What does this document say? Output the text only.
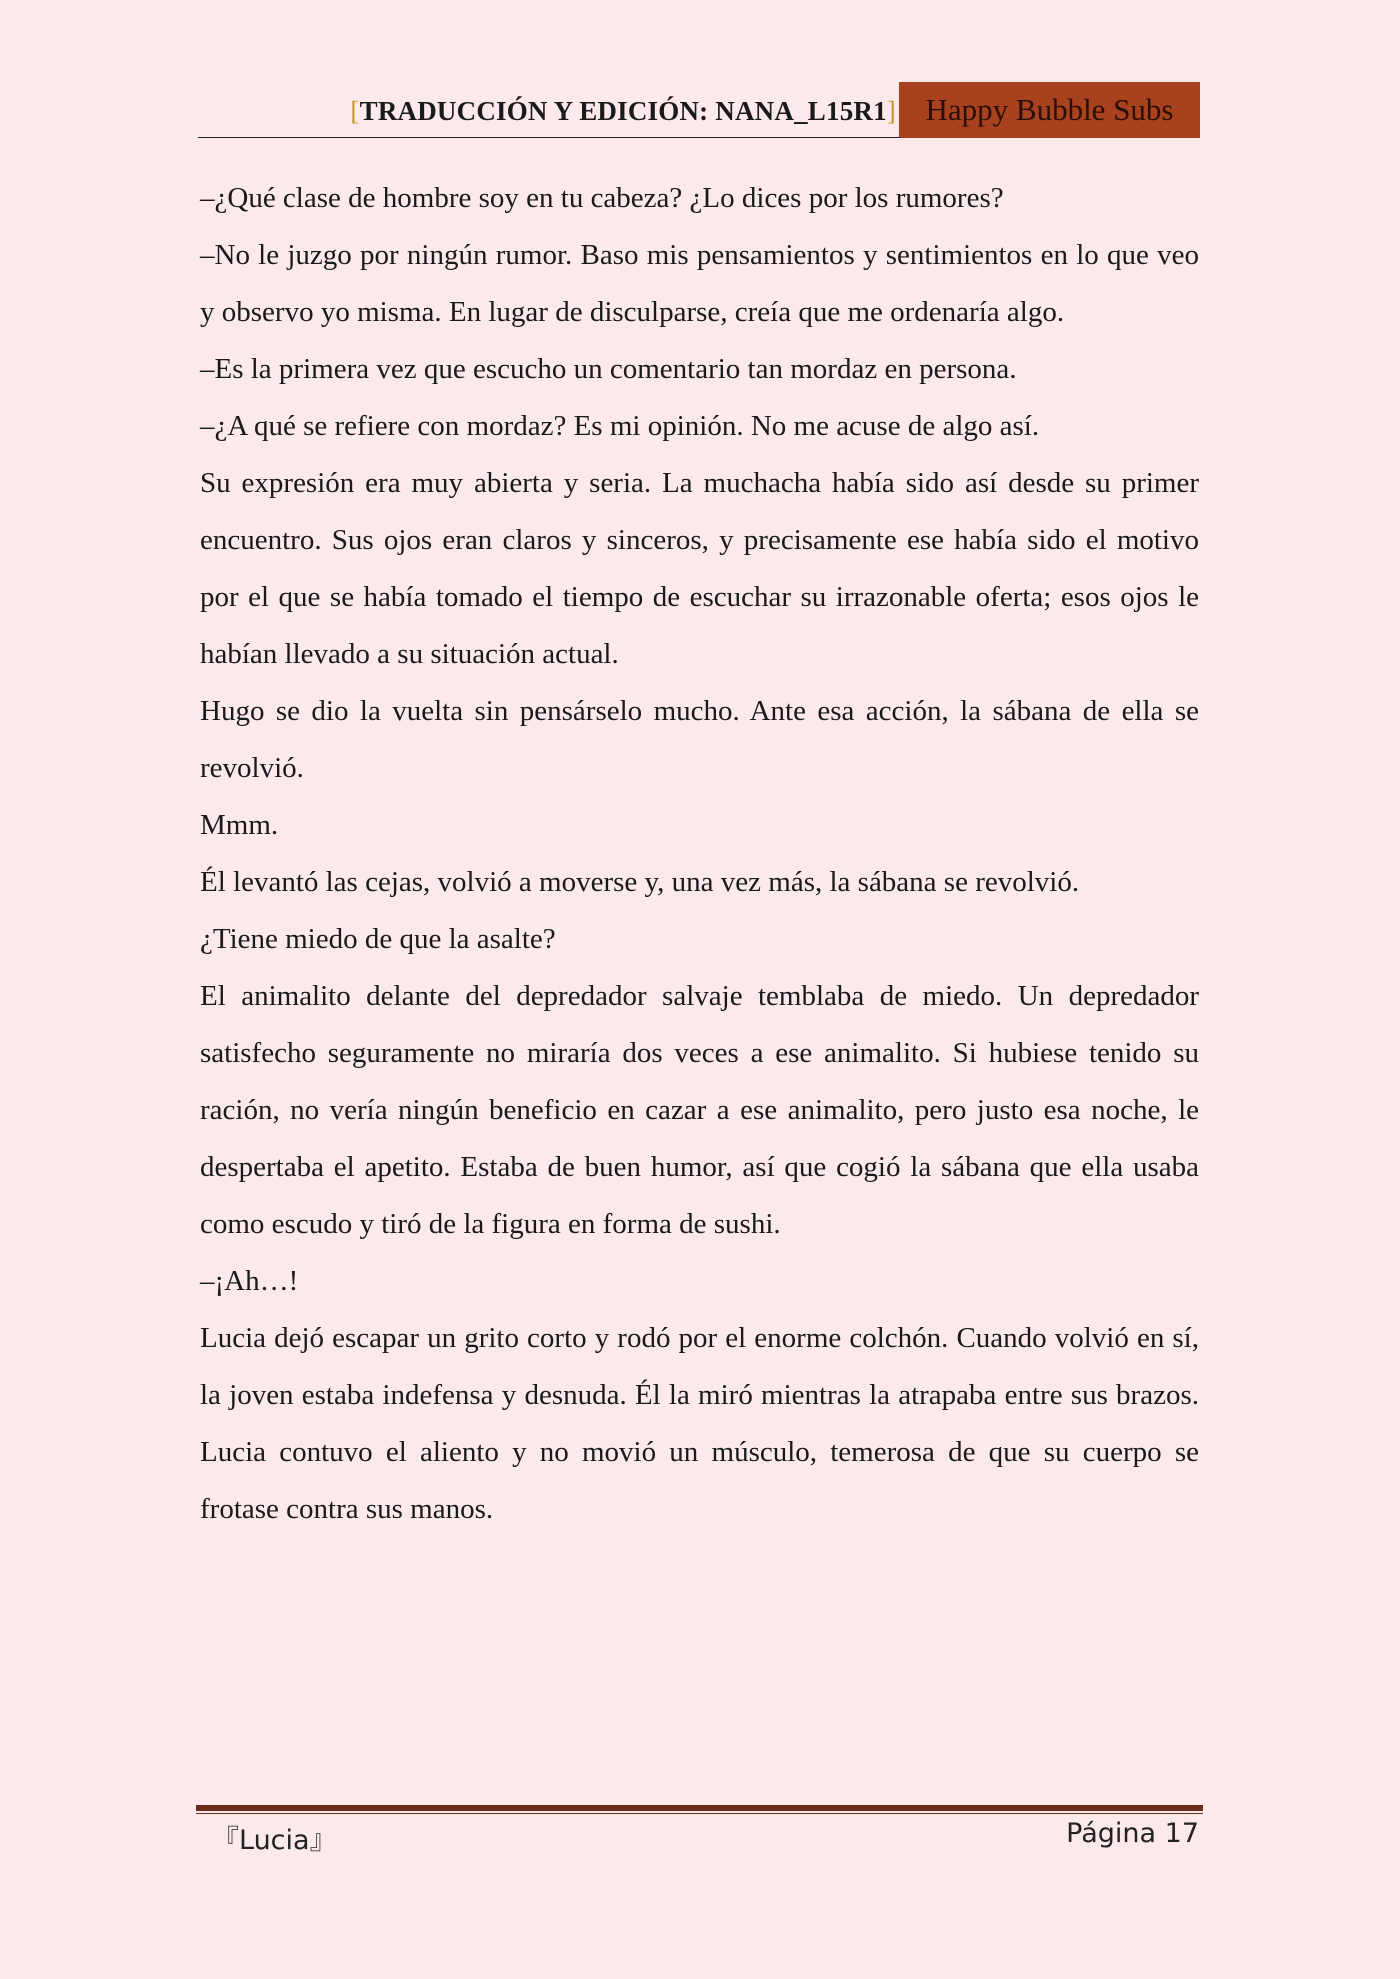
[TRADUCCIÓN Y EDICIÓN: NANA_L15R1] Happy Bubble Subs

–¿Qué clase de hombre soy en tu cabeza? ¿Lo dices por los rumores?

–No le juzgo por ningún rumor. Baso mis pensamientos y sentimientos en lo que veo y observo yo misma. En lugar de disculparse, creía que me ordenaría algo.

–Es la primera vez que escucho un comentario tan mordaz en persona.

–¿A qué se refiere con mordaz? Es mi opinión. No me acuse de algo así.

Su expresión era muy abierta y seria. La muchacha había sido así desde su primer encuentro. Sus ojos eran claros y sinceros, y precisamente ese había sido el motivo por el que se había tomado el tiempo de escuchar su irrazonable oferta; esos ojos le habían llevado a su situación actual.

Hugo se dio la vuelta sin pensárselo mucho. Ante esa acción, la sábana de ella se revolvió.

Mmm.

Él levantó las cejas, volvió a moverse y, una vez más, la sábana se revolvió.

¿Tiene miedo de que la asalte?

El animalito delante del depredador salvaje temblaba de miedo. Un depredador satisfecho seguramente no miraría dos veces a ese animalito. Si hubiese tenido su ración, no vería ningún beneficio en cazar a ese animalito, pero justo esa noche, le despertaba el apetito. Estaba de buen humor, así que cogió la sábana que ella usaba como escudo y tiró de la figura en forma de sushi.

–¡Ah…!

Lucia dejó escapar un grito corto y rodó por el enorme colchón. Cuando volvió en sí, la joven estaba indefensa y desnuda. Él la miró mientras la atrapaba entre sus brazos. Lucia contuvo el aliento y no movió un músculo, temerosa de que su cuerpo se frotase contra sus manos.

『Lucia』	Página 17
